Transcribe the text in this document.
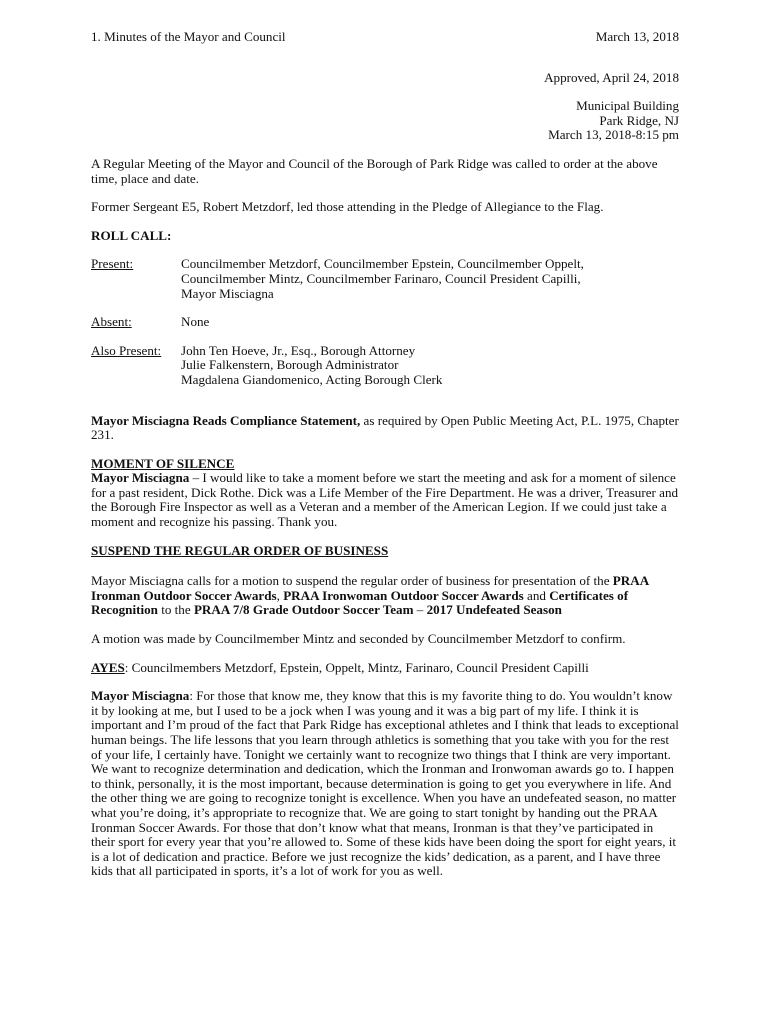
1. Minutes of the Mayor and Council	March 13, 2018

Approved, April 24, 2018

Municipal Building
Park Ridge, NJ
March 13, 2018-8:15 pm

A Regular Meeting of the Mayor and Council of the Borough of Park Ridge was called to order at the above time, place and date.

Former Sergeant E5, Robert Metzdorf, led those attending in the Pledge of Allegiance to the Flag.

ROLL CALL:

Present:	Councilmember Metzdorf, Councilmember Epstein, Councilmember Oppelt,
Councilmember Mintz, Councilmember Farinaro, Council President Capilli,
Mayor Misciagna
Absent:	None
Also Present:	John Ten Hoeve, Jr., Esq., Borough Attorney
Julie Falkenstern, Borough Administrator
Magdalena Giandomenico, Acting Borough Clerk

Mayor Misciagna Reads Compliance Statement, as required by Open Public Meeting Act, P.L. 1975, Chapter 231.

MOMENT OF SILENCE

Mayor Misciagna – I would like to take a moment before we start the meeting and ask for a moment of silence for a past resident, Dick Rothe. Dick was a Life Member of the Fire Department. He was a driver, Treasurer and the Borough Fire Inspector as well as a Veteran and a member of the American Legion. If we could just take a moment and recognize his passing. Thank you.

SUSPEND THE REGULAR ORDER OF BUSINESS

Mayor Misciagna calls for a motion to suspend the regular order of business for presentation of the PRAA Ironman Outdoor Soccer Awards, PRAA Ironwoman Outdoor Soccer Awards and Certificates of Recognition to the PRAA 7/8 Grade Outdoor Soccer Team – 2017 Undefeated Season

A motion was made by Councilmember Mintz and seconded by Councilmember Metzdorf to confirm.

AYES: Councilmembers Metzdorf, Epstein, Oppelt, Mintz, Farinaro, Council President Capilli

Mayor Misciagna: For those that know me, they know that this is my favorite thing to do. You wouldn’t know it by looking at me, but I used to be a jock when I was young and it was a big part of my life. I think it is important and I’m proud of the fact that Park Ridge has exceptional athletes and I think that leads to exceptional human beings. The life lessons that you learn through athletics is something that you take with you for the rest of your life, I certainly have. Tonight we certainly want to recognize two things that I think are very important. We want to recognize determination and dedication, which the Ironman and Ironwoman awards go to. I happen to think, personally, it is the most important, because determination is going to get you everywhere in life. And the other thing we are going to recognize tonight is excellence. When you have an undefeated season, no matter what you’re doing, it’s appropriate to recognize that. We are going to start tonight by handing out the PRAA Ironman Soccer Awards. For those that don’t know what that means, Ironman is that they’ve participated in their sport for every year that you’re allowed to. Some of these kids have been doing the sport for eight years, it is a lot of dedication and practice. Before we just recognize the kids’ dedication, as a parent, and I have three kids that all participated in sports, it’s a lot of work for you as well.
